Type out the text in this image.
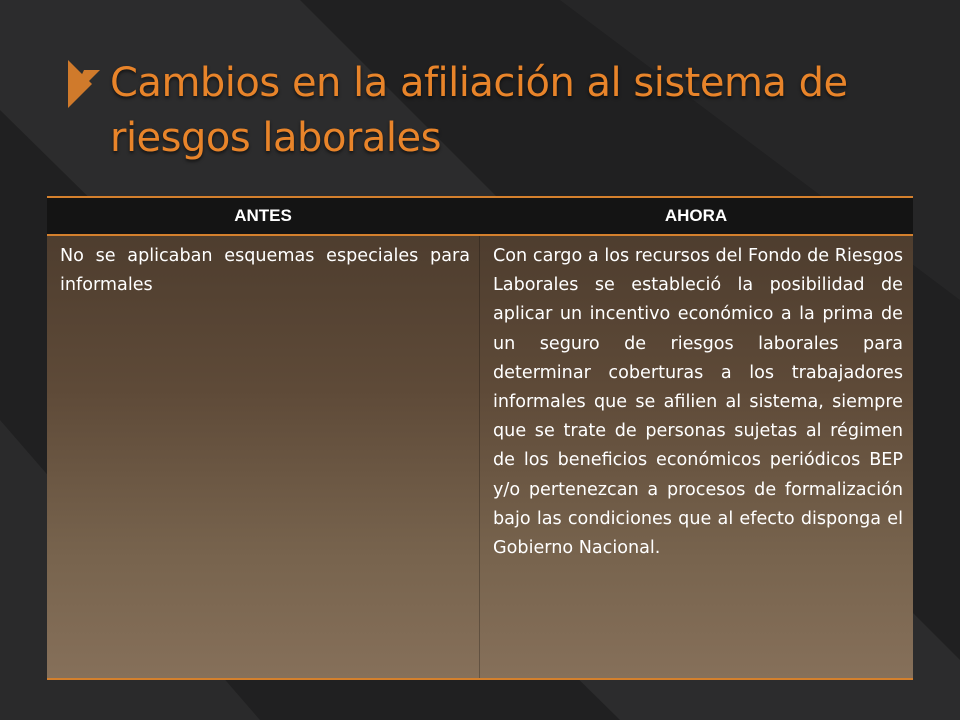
Cambios en la afiliación al sistema de riesgos laborales
ANTES	AHORA
No se aplicaban esquemas especiales para informales
Con cargo a los recursos del Fondo de Riesgos Laborales se estableció la posibilidad de aplicar un incentivo económico a la prima de un seguro de riesgos laborales para determinar coberturas a los trabajadores informales que se afilien al sistema, siempre que se trate de personas sujetas al régimen de los beneficios económicos periódicos BEP y/o pertenezcan a procesos de formalización bajo las condiciones que al efecto disponga el Gobierno Nacional.
